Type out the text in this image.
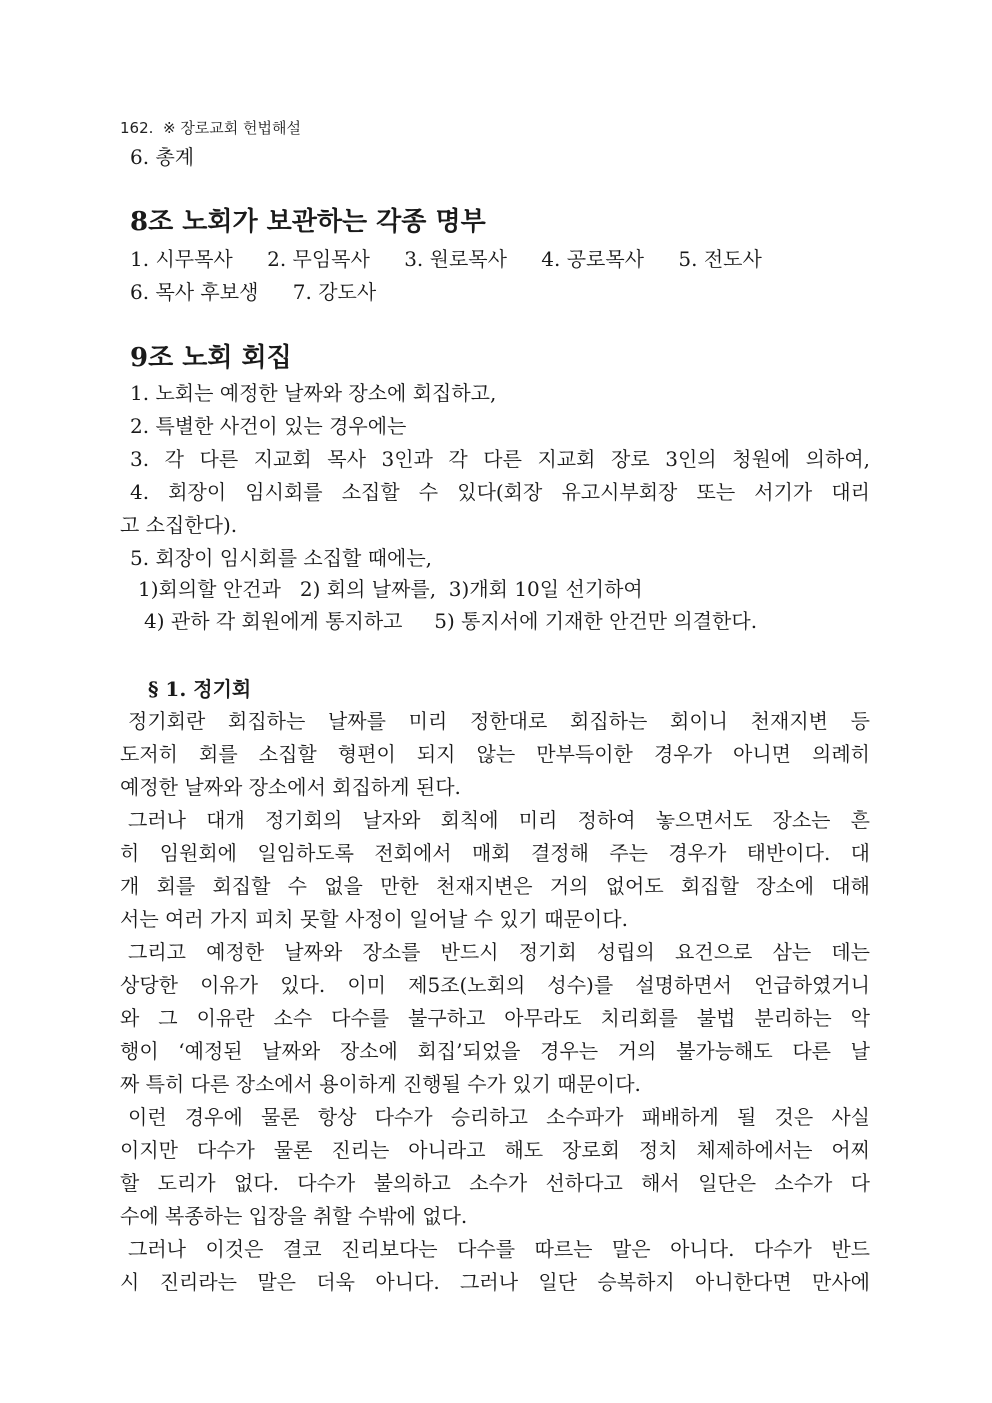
162. ※ 장로교회 헌법해설
6. 총계
8조 노회가 보관하는 각종 명부
1. 시무목사 2. 무임목사 3. 원로목사 4. 공로목사 5. 전도사
6. 목사 후보생 7. 강도사
9조 노회 회집
1. 노회는 예정한 날짜와 장소에 회집하고,
2. 특별한 사건이 있는 경우에는
3. 각 다른 지교회 목사 3인과 각 다른 지교회 장로 3인의 청원에 의하여,
4. 회장이 임시회를 소집할 수 있다(회장 유고시부회장 또는 서기가 대리
고 소집한다).
5. 회장이 임시회를 소집할 때에는,
1)회의할 안건과   2) 회의 날짜를,  3)개회 10일 선기하여
4) 관하 각 회원에게 통지하고     5) 통지서에 기재한 안건만 의결한다.
§ 1. 정기회
정기회란 회집하는 날짜를 미리 정한대로 회집하는 회이니 천재지변 등
도저히 회를 소집할 형편이 되지 않는 만부득이한 경우가 아니면 의례히
예정한 날짜와 장소에서 회집하게 된다.
그러나 대개 정기회의 날자와 회칙에 미리 정하여 놓으면서도 장소는 흔
히 임원회에 일임하도록 전회에서 매회 결정해 주는 경우가 태반이다. 대
개 회를 회집할 수 없을 만한 천재지변은 거의 없어도 회집할 장소에 대해
서는 여러 가지 피치 못할 사정이 일어날 수 있기 때문이다.
그리고 예정한 날짜와 장소를 반드시 정기회 성립의 요건으로 삼는 데는
상당한 이유가 있다. 이미 제5조(노회의 성수)를 설명하면서 언급하였거니
와 그 이유란 소수 다수를 불구하고 아무라도 치리회를 불법 분리하는 악
행이 ‘예정된 날짜와 장소에 회집’되었을 경우는 거의 불가능해도 다른 날
짜 특히 다른 장소에서 용이하게 진행될 수가 있기 때문이다.
이런 경우에 물론 항상 다수가 승리하고 소수파가 패배하게 될 것은 사실
이지만 다수가 물론 진리는 아니라고 해도 장로회 정치 체제하에서는 어찌
할 도리가 없다. 다수가 불의하고 소수가 선하다고 해서 일단은 소수가 다
수에 복종하는 입장을 취할 수밖에 없다.
그러나 이것은 결코 진리보다는 다수를 따르는 말은 아니다. 다수가 반드
시 진리라는 말은 더욱 아니다. 그러나 일단 승복하지 아니한다면 만사에
